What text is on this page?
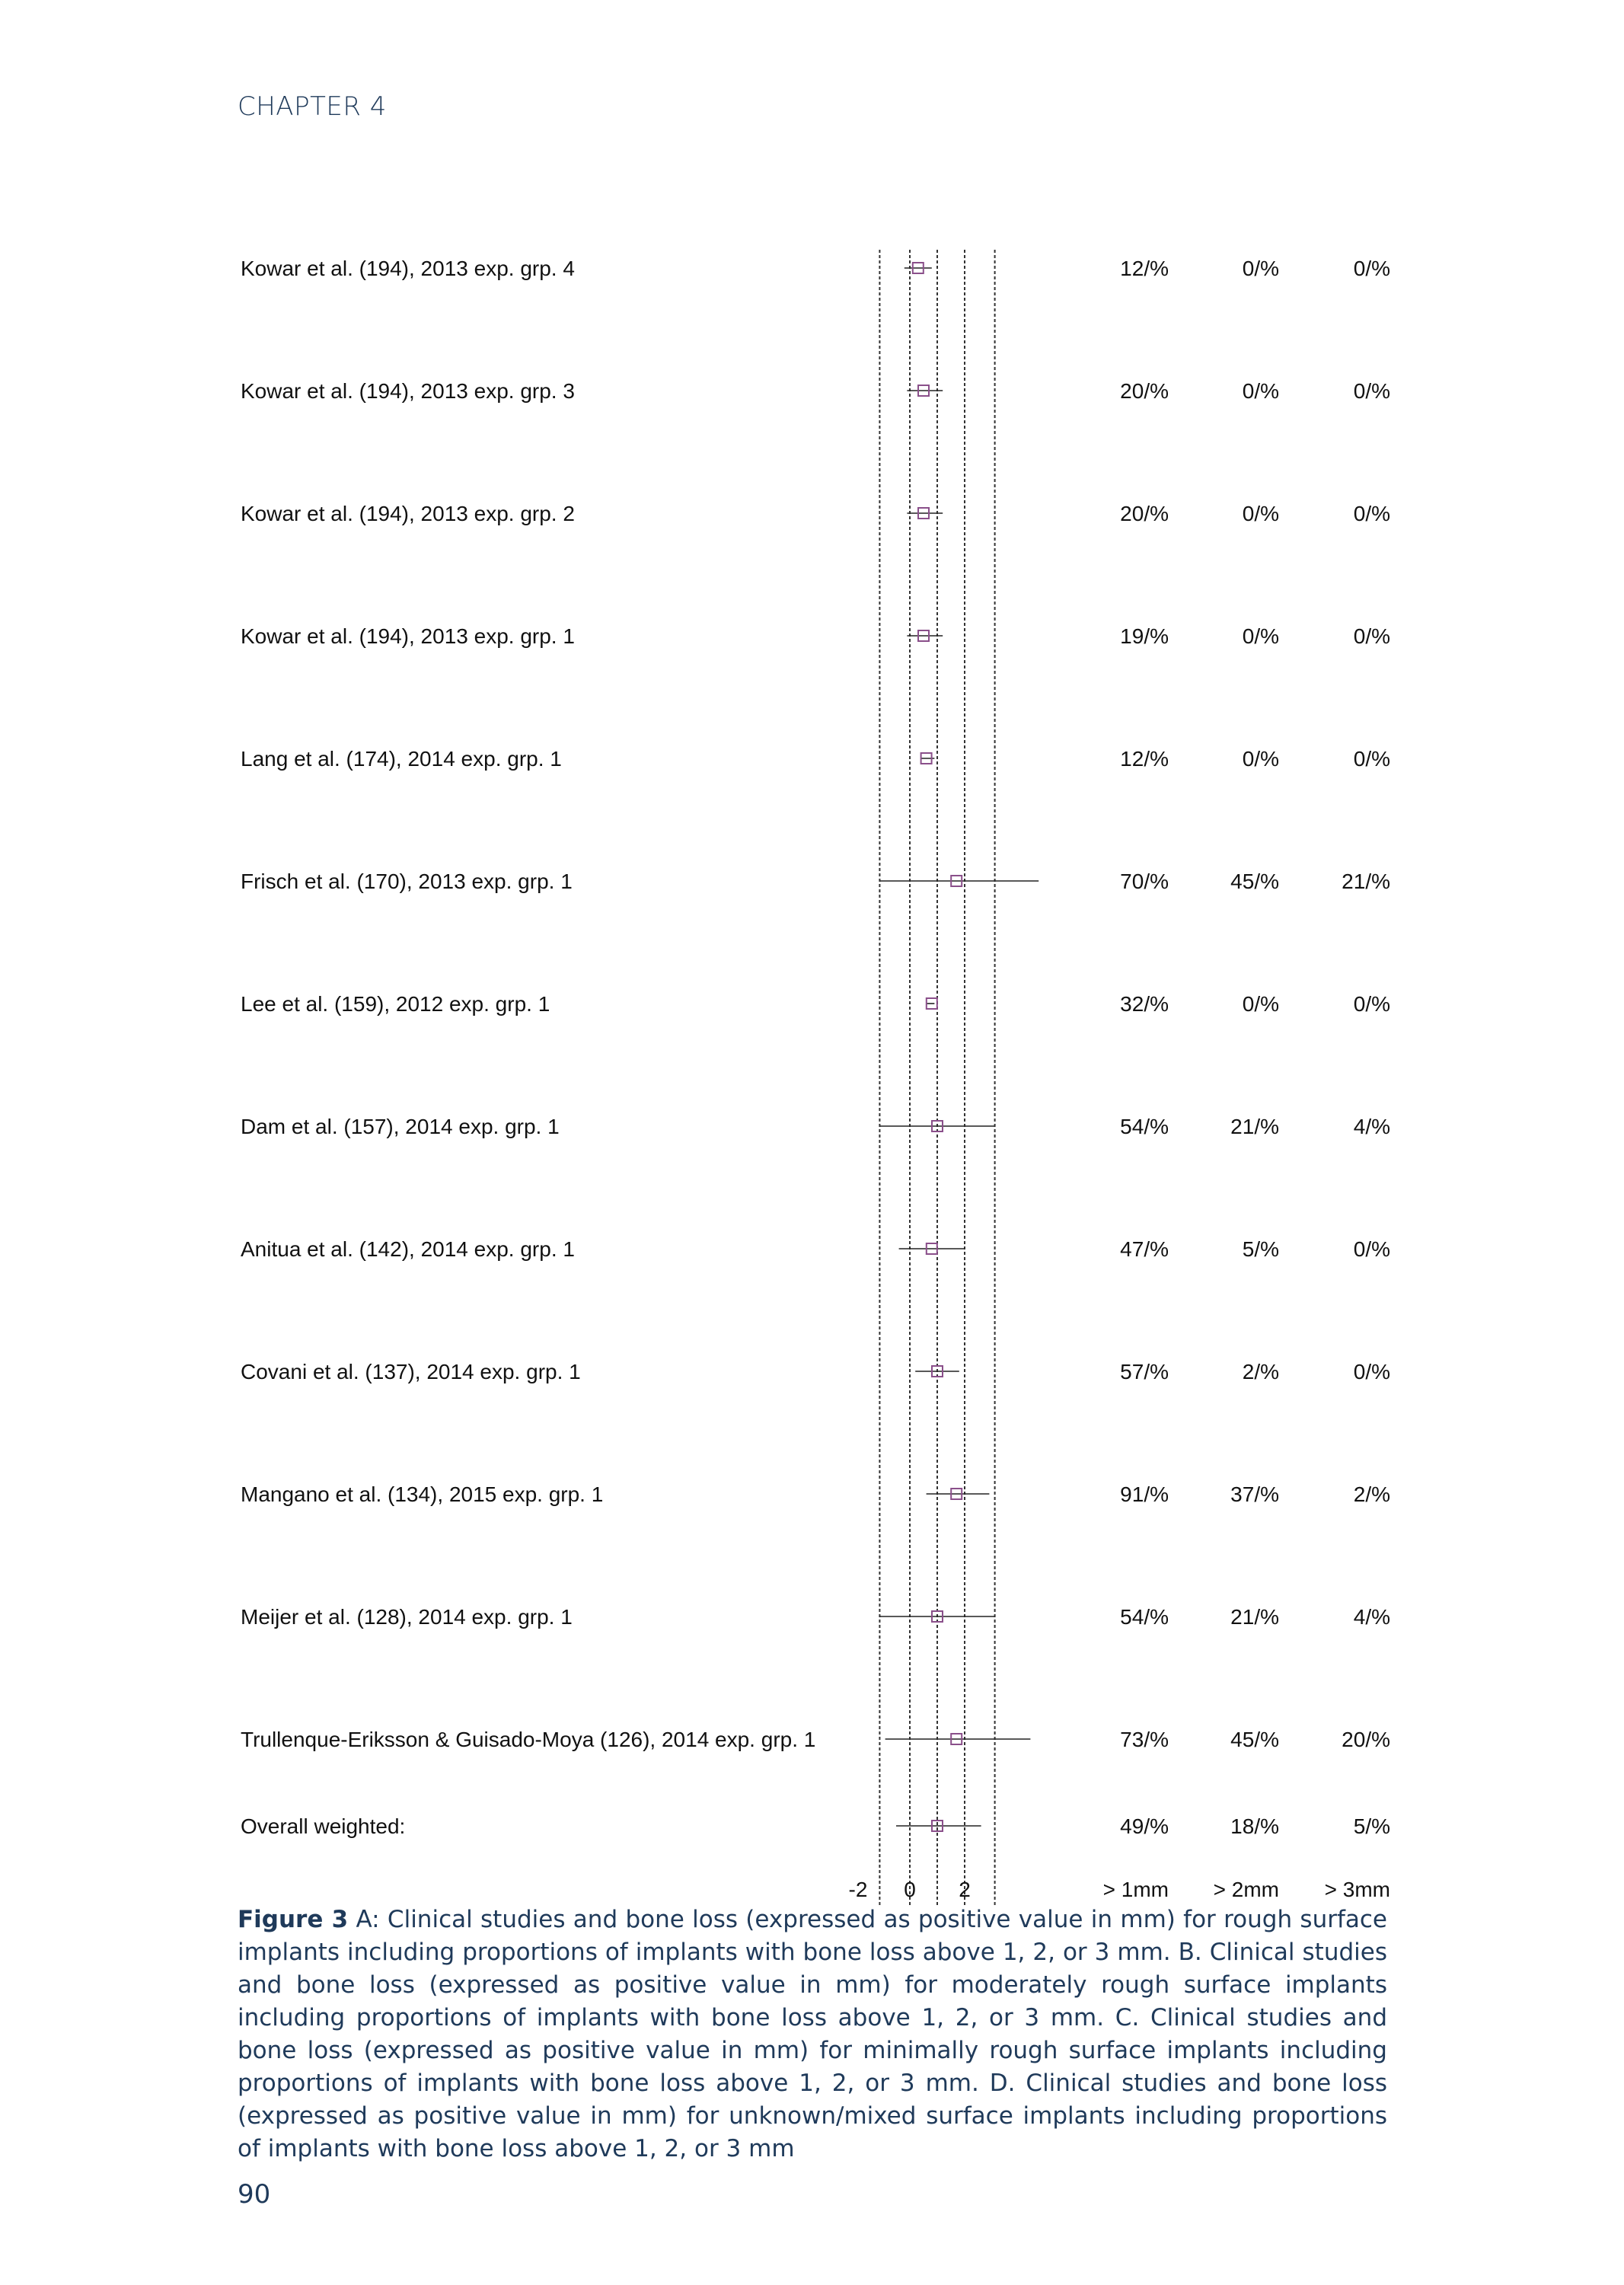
CHAPTER 4
Kowar et al. (194), 2013 exp. grp. 4	12/%	0/%	0/%
Kowar et al. (194), 2013 exp. grp. 3	20/%	0/%	0/%
Kowar et al. (194), 2013 exp. grp. 2	20/%	0/%	0/%
Kowar et al. (194), 2013 exp. grp. 1	19/%	0/%	0/%
Lang et al. (174), 2014 exp. grp. 1	12/%	0/%	0/%
Frisch et al. (170), 2013 exp. grp. 1	70/%	45/%	21/%
Lee et al. (159), 2012 exp. grp. 1	32/%	0/%	0/%
Dam et al. (157), 2014 exp. grp. 1	54/%	21/%	4/%
Anitua et al. (142), 2014 exp. grp. 1	47/%	5/%	0/%
Covani et al. (137), 2014 exp. grp. 1	57/%	2/%	0/%
Mangano et al. (134), 2015 exp. grp. 1	91/%	37/%	2/%
Meijer et al. (128), 2014 exp. grp. 1	54/%	21/%	4/%
Trullenque-Eriksson & Guisado-Moya (126), 2014 exp. grp. 1	73/%	45/%	20/%
Overall weighted:	49/%	18/%	5/%
-2 0 2	> 1mm > 2mm > 3mm
Figure 3 A: Clinical studies and bone loss (expressed as positive value in mm) for rough surface implants including proportions of implants with bone loss above 1, 2, or 3 mm. B. Clinical studies and bone loss (expressed as positive value in mm) for moderately rough surface implants including proportions of implants with bone loss above 1, 2, or 3 mm. C. Clinical studies and bone loss (expressed as positive value in mm) for minimally rough surface implants including proportions of implants with bone loss above 1, 2, or 3 mm. D. Clinical studies and bone loss (expressed as positive value in mm) for unknown/mixed surface implants including proportions of implants with bone loss above 1, 2, or 3 mm
90
